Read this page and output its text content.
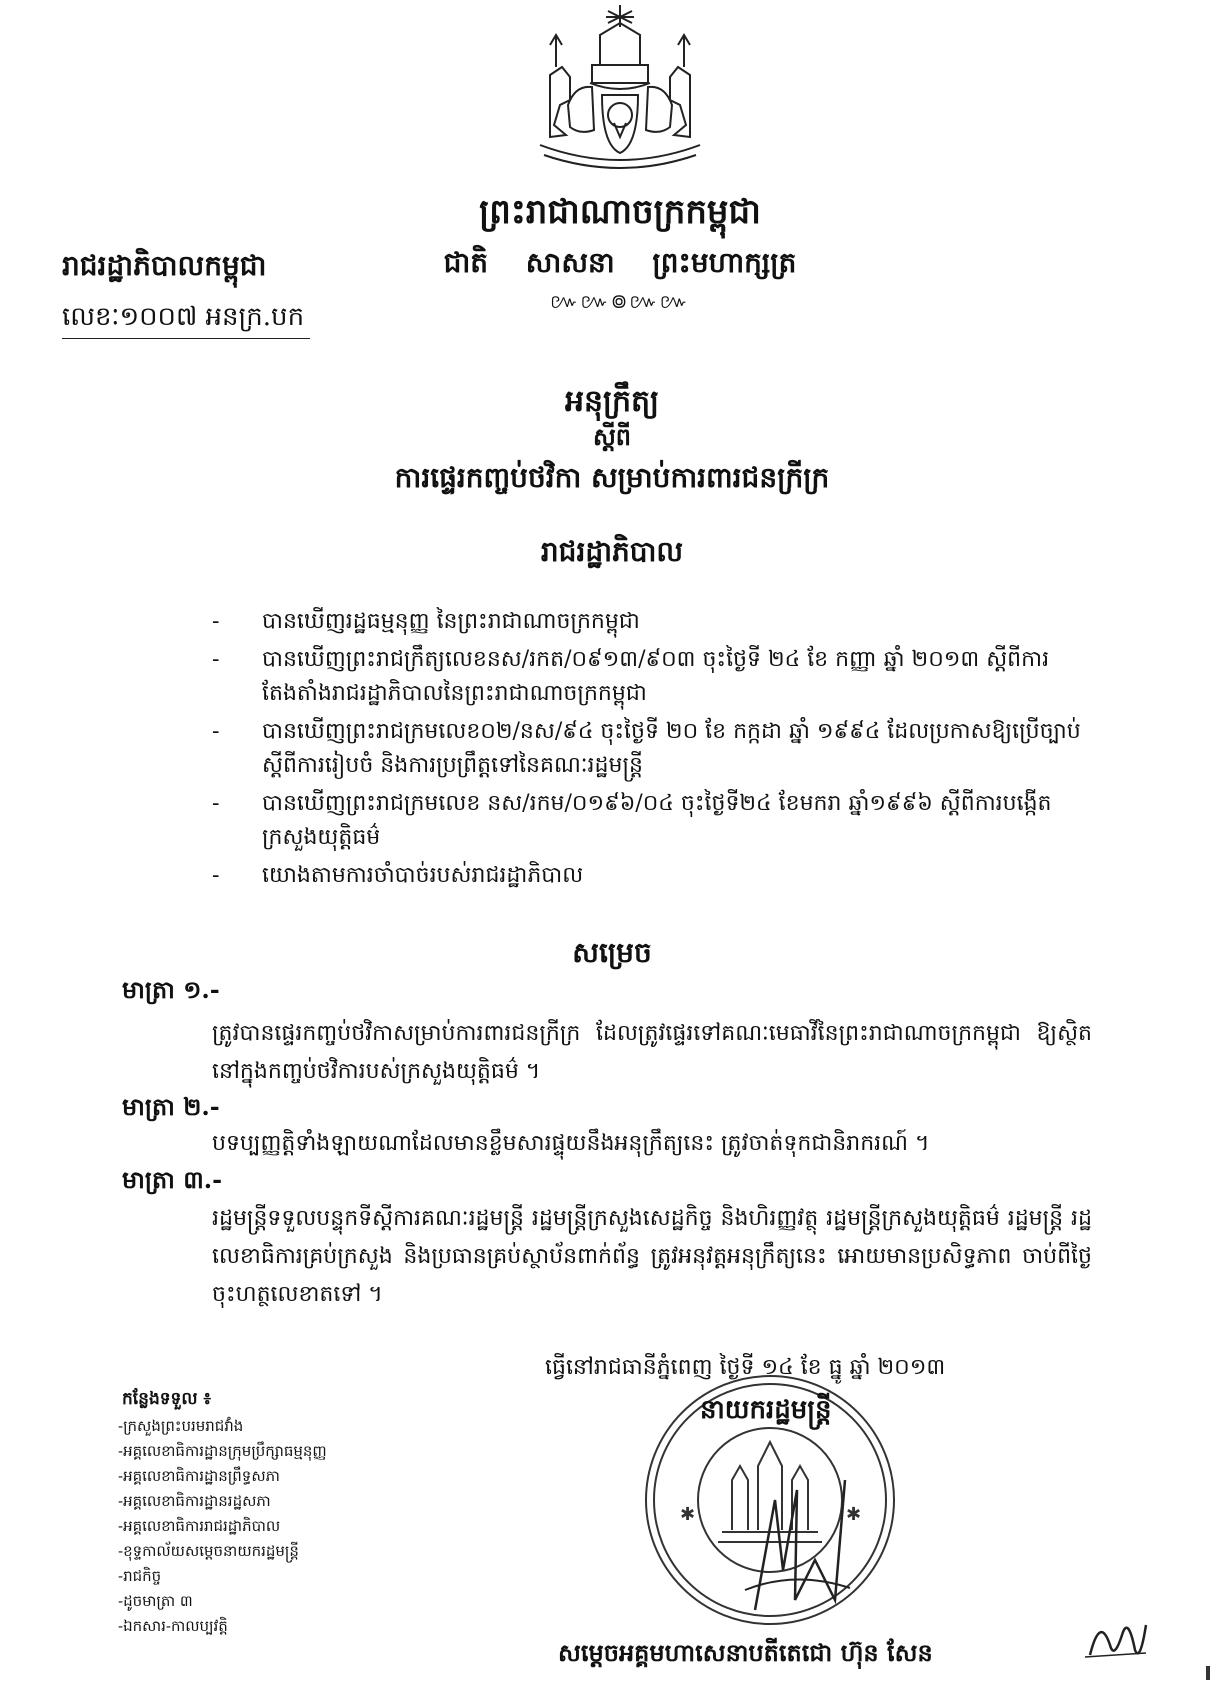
ព្រះរាជាណាចក្រកម្ពុជា
ជាតិ សាសនា ព្រះមហាក្សត្រ
៚៚៙៚៚
រាជរដ្ឋាភិបាលកម្ពុជា
លេខៈ១០០៧ អនក្រ.បក
អនុក្រឹត្យ
ស្ដីពី
ការផ្ទេរកញ្ចប់ថវិកា សម្រាប់ការពារជនក្រីក្រ
រាជរដ្ឋាភិបាល
- បានឃើញរដ្ឋធម្មនុញ្ញ នៃព្រះរាជាណាចក្រកម្ពុជា
- បានឃើញព្រះរាជក្រឹត្យលេខនស/រកត/០៩១៣/៩០៣ ចុះថ្ងៃទី ២៤ ខែ កញ្ញា ឆ្នាំ ២០១៣ ស្ដីពីការតែងតាំងរាជរដ្ឋាភិបាលនៃព្រះរាជាណាចក្រកម្ពុជា
- បានឃើញព្រះរាជក្រមលេខ០២/នស/៩៤ ចុះថ្ងៃទី ២០ ខែ កក្កដា ឆ្នាំ ១៩៩៤ ដែលប្រកាសឱ្យប្រើច្បាប់ ស្ដីពីការរៀបចំ និងការប្រព្រឹត្តទៅនៃគណៈរដ្ឋមន្ត្រី
- បានឃើញព្រះរាជក្រមលេខ នស/រកម/០១៩៦/០៤ ចុះថ្ងៃទី២៤ ខែមករា ឆ្នាំ១៩៩៦ ស្ដីពីការបង្កើតក្រសួងយុត្តិធម៌
- យោងតាមការចាំបាច់របស់រាជរដ្ឋាភិបាល
សម្រេច
មាត្រា ១.-
ត្រូវបានផ្ទេរកញ្ចប់ថវិកាសម្រាប់ការពារជនក្រីក្រ ដែលត្រូវផ្ទេរទៅគណៈមេធាវីនៃព្រះរាជាណាចក្រកម្ពុជា ឱ្យស្ថិតនៅក្នុងកញ្ចប់ថវិការបស់ក្រសួងយុត្តិធម៌ ។
មាត្រា ២.-
បទប្បញ្ញត្តិទាំងឡាយណាដែលមានខ្លឹមសារផ្ទុយនឹងអនុក្រឹត្យនេះ ត្រូវចាត់ទុកជានិរាករណ៍ ។
មាត្រា ៣.-
រដ្ឋមន្ត្រីទទួលបន្ទុកទីស្ដីការគណៈរដ្ឋមន្ត្រី រដ្ឋមន្ត្រីក្រសួងសេដ្ឋកិច្ច និងហិរញ្ញវត្ថុ រដ្ឋមន្ត្រីក្រសួងយុត្តិធម៌ រដ្ឋមន្ត្រី រដ្ឋលេខាធិការគ្រប់ក្រសួង និងប្រធានគ្រប់ស្ថាប័នពាក់ព័ន្ធ ត្រូវអនុវត្តអនុក្រឹត្យនេះ អោយមានប្រសិទ្ធភាព ចាប់ពីថ្ងៃចុះហត្ថលេខាតទៅ ។
✱	✱
ធ្វើនៅរាជធានីភ្នំពេញ ថ្ងៃទី ១៤ ខែ ធ្នូ ឆ្នាំ ២០១៣
នាយករដ្ឋមន្ត្រី
សម្ដេចអគ្គមហាសេនាបតីតេជោ ហ៊ុន សែន
កន្លែងទទួល ៖
-ក្រសួងព្រះបរមរាជវាំង
-អគ្គលេខាធិការដ្ឋានក្រុមប្រឹក្សាធម្មនុញ្ញ
-អគ្គលេខាធិការដ្ឋានព្រឹទ្ធសភា
-អគ្គលេខាធិការដ្ឋានរដ្ឋសភា
-អគ្គលេខាធិការរាជរដ្ឋាភិបាល
-ខុទ្ទកាល័យសម្ដេចនាយករដ្ឋមន្ត្រី
-រាជកិច្ច
-ដូចមាត្រា ៣
-ឯកសារ-កាលប្បវត្តិ
